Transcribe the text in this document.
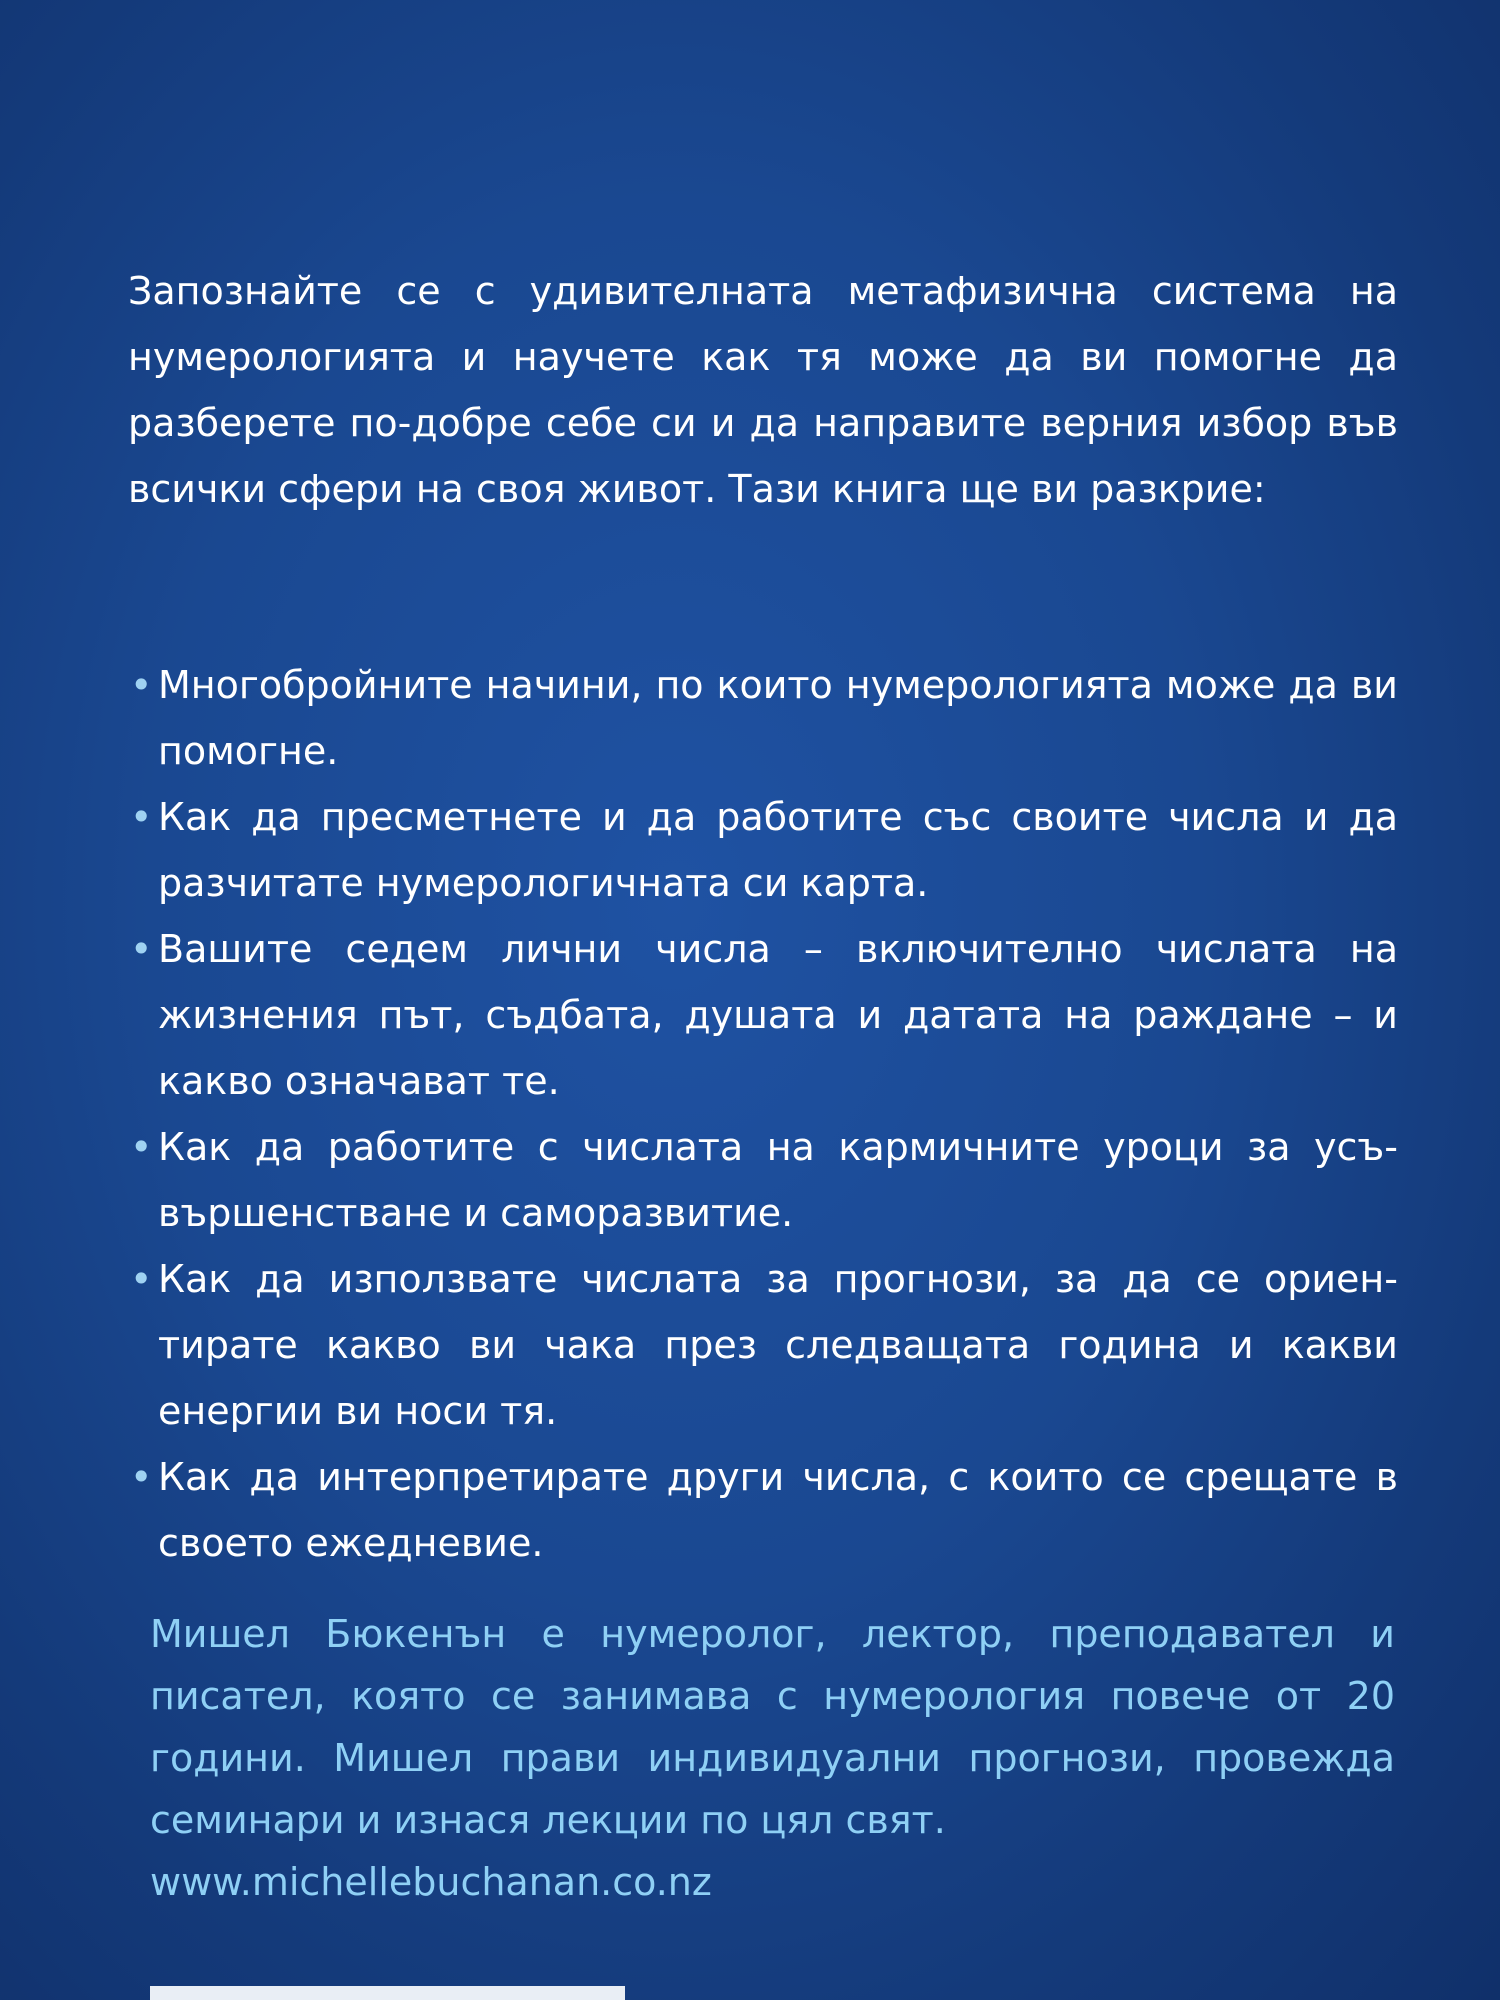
Запознайте се с удивителната метафизична система на нумерологията и научете как тя може да ви помогне да разберете по-добре себе си и да направите верния избор във всички сфери на своя живот. Тази книга ще ви разкрие:

• Многобройните начини, по които нумерологията може да ви помогне.
• Как да пресметнете и да работите със своите числа и да разчитате нумерологичната си карта.
• Вашите седем лични числа – включително числата на жизнения път, съдбата, душата и датата на раждане – и какво означават те.
• Как да работите с числата на кармичните уроци за усъвършенстване и саморазвитие.
• Как да използвате числата за прогнози, за да се ориентирате какво ви чака през следващата година и какви енергии ви носи тя.
• Как да интерпретирате други числа, с които се срещате в своето ежедневие.

Мишел Бюкенън е нумеролог, лектор, преподавател и писател, която се занимава с нумерология повече от 20 години. Мишел прави индивидуални прогнози, провежда семинари и изнася лекции по цял свят.
www.michellebuchanan.co.nz
